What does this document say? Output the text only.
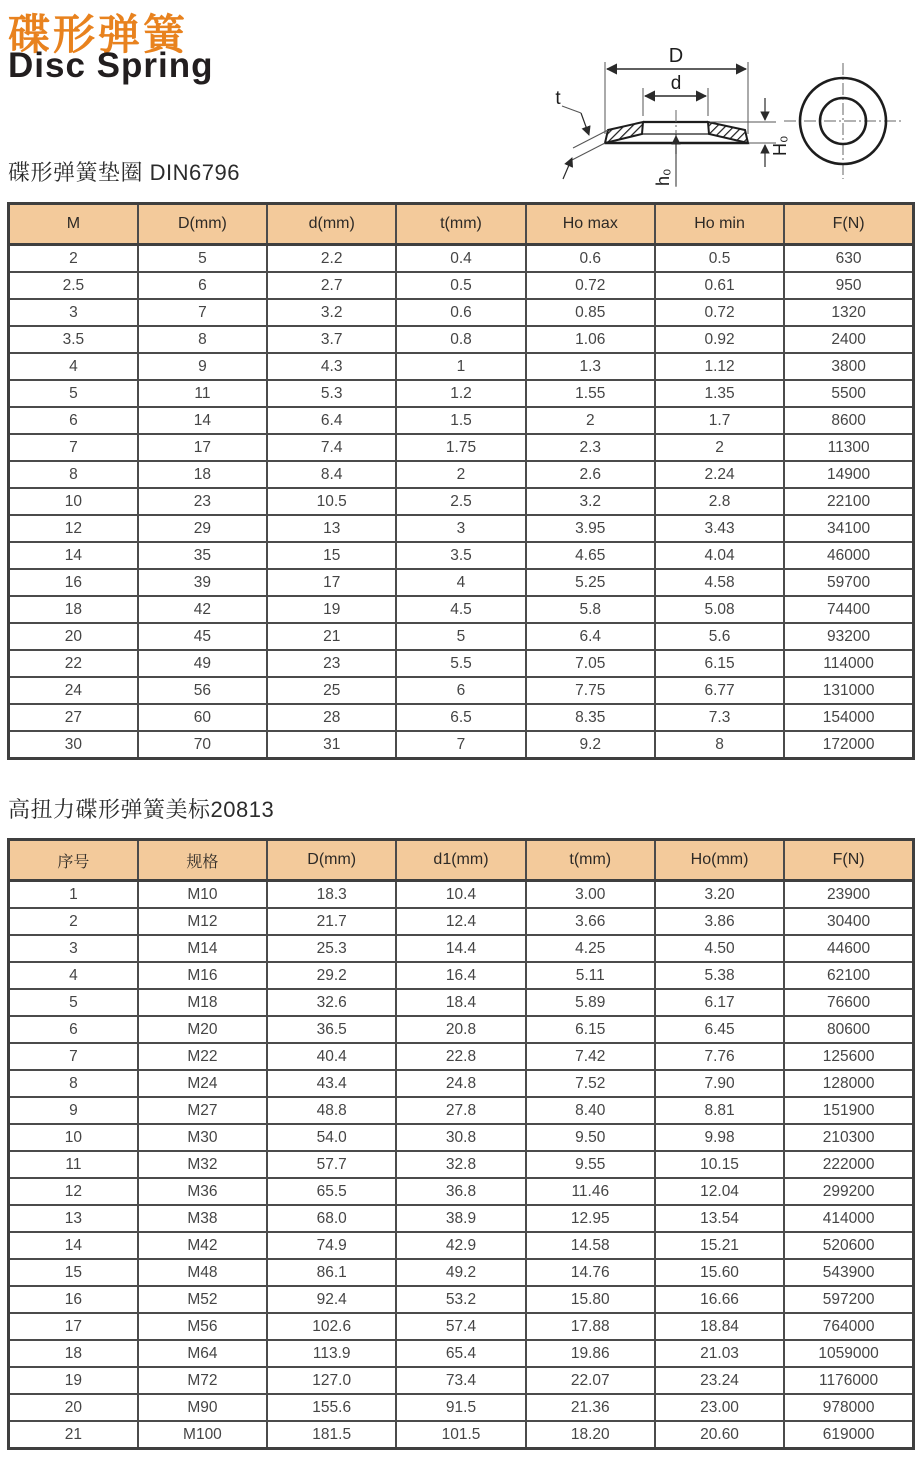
碟形弹簧
Disc Spring	D
d
t
H₀
h₀
碟形弹簧垫圈 DIN6796
M	D(mm)	d(mm)	t(mm)	Ho max	Ho min	F(N)
2	5	2.2	0.4	0.6	0.5	630
2.5	6	2.7	0.5	0.72	0.61	950
3	7	3.2	0.6	0.85	0.72	1320
3.5	8	3.7	0.8	1.06	0.92	2400
4	9	4.3	1	1.3	1.12	3800
5	11	5.3	1.2	1.55	1.35	5500
6	14	6.4	1.5	2	1.7	8600
7	17	7.4	1.75	2.3	2	11300
8	18	8.4	2	2.6	2.24	14900
10	23	10.5	2.5	3.2	2.8	22100
12	29	13	3	3.95	3.43	34100
14	35	15	3.5	4.65	4.04	46000
16	39	17	4	5.25	4.58	59700
18	42	19	4.5	5.8	5.08	74400
20	45	21	5	6.4	5.6	93200
22	49	23	5.5	7.05	6.15	114000
24	56	25	6	7.75	6.77	131000
27	60	28	6.5	8.35	7.3	154000
30	70	31	7	9.2	8	172000
高扭力碟形弹簧美标20813
序号	规格	D(mm)	d1(mm)	t(mm)	Ho(mm)	F(N)
1	M10	18.3	10.4	3.00	3.20	23900
2	M12	21.7	12.4	3.66	3.86	30400
3	M14	25.3	14.4	4.25	4.50	44600
4	M16	29.2	16.4	5.11	5.38	62100
5	M18	32.6	18.4	5.89	6.17	76600
6	M20	36.5	20.8	6.15	6.45	80600
7	M22	40.4	22.8	7.42	7.76	125600
8	M24	43.4	24.8	7.52	7.90	128000
9	M27	48.8	27.8	8.40	8.81	151900
10	M30	54.0	30.8	9.50	9.98	210300
11	M32	57.7	32.8	9.55	10.15	222000
12	M36	65.5	36.8	11.46	12.04	299200
13	M38	68.0	38.9	12.95	13.54	414000
14	M42	74.9	42.9	14.58	15.21	520600
15	M48	86.1	49.2	14.76	15.60	543900
16	M52	92.4	53.2	15.80	16.66	597200
17	M56	102.6	57.4	17.88	18.84	764000
18	M64	113.9	65.4	19.86	21.03	1059000
19	M72	127.0	73.4	22.07	23.24	1176000
20	M90	155.6	91.5	21.36	23.00	978000
21	M100	181.5	101.5	18.20	20.60	619000
